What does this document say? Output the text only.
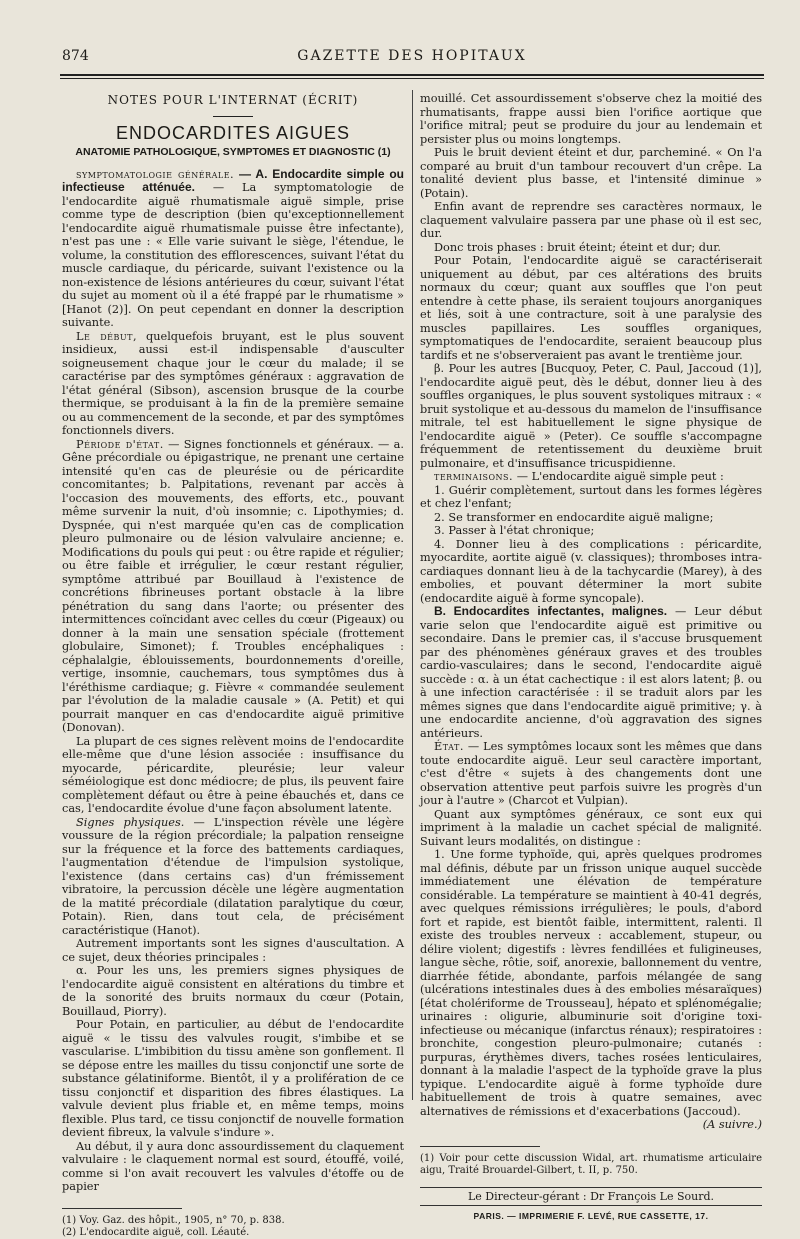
874	GAZETTE DES HOPITAUX
NOTES POUR L'INTERNAT (ÉCRIT)
ENDOCARDITES AIGUES
ANATOMIE PATHOLOGIQUE, SYMPTOMES ET DIAGNOSTIC (1)

symptomatologie générale. — A. Endocardite simple ou infectieuse atténuée. — La symptomatologie de l'endocardite aiguë rhumatismale aiguë simple, prise comme type de description (bien qu'exceptionnellement l'endocardite aiguë rhumatismale puisse être infectante), n'est pas une : « Elle varie suivant le siège, l'étendue, le volume, la constitution des efflorescences, suivant l'état du muscle cardiaque, du péricarde, suivant l'existence ou la non-existence de lésions antérieures du cœur, suivant l'état du sujet au moment où il a été frappé par le rhumatisme » [Hanot (2)]. On peut cependant en donner la description suivante.

Le début, quelquefois bruyant, est le plus souvent insidieux, aussi est-il indispensable d'ausculter soigneusement chaque jour le cœur du malade; il se caractérise par des symptômes généraux : aggravation de l'état général (Sibson), ascension brusque de la courbe thermique, se produisant à la fin de la première semaine ou au commencement de la seconde, et par des symptômes fonctionnels divers.

Période d'état. — Signes fonctionnels et généraux. — a. Gêne précordiale ou épigastrique, ne prenant une certaine intensité qu'en cas de pleurésie ou de péricardite concomitantes; b. Palpitations, revenant par accès à l'occasion des mouvements, des efforts, etc., pouvant même survenir la nuit, d'où insomnie; c. Lipothymies; d. Dyspnée, qui n'est marquée qu'en cas de complication pleuro pulmonaire ou de lésion valvulaire ancienne; e. Modifications du pouls qui peut : ou être rapide et régulier; ou être faible et irrégulier, le cœur restant régulier, symptôme attribué par Bouillaud à l'existence de concrétions fibrineuses portant obstacle à la libre pénétration du sang dans l'aorte; ou présenter des intermittences coïncidant avec celles du cœur (Pigeaux) ou donner à la main une sensation spéciale (frottement globulaire, Simonet); f. Troubles encéphaliques : céphalalgie, éblouissements, bourdonnements d'oreille, vertige, insomnie, cauchemars, tous symptômes dus à l'éréthisme cardiaque; g. Fièvre « commandée seulement par l'évolution de la maladie causale » (A. Petit) et qui pourrait manquer en cas d'endocardite aiguë primitive (Donovan).

La plupart de ces signes relèvent moins de l'endocardite elle-même que d'une lésion associée : insuffisance du myocarde, péricardite, pleurésie; leur valeur séméiologique est donc médiocre; de plus, ils peuvent faire complètement défaut ou être à peine ébauchés et, dans ce cas, l'endocardite évolue d'une façon absolument latente.

Signes physiques. — L'inspection révèle une légère voussure de la région précordiale; la palpation renseigne sur la fréquence et la force des battements cardiaques, l'augmentation d'étendue de l'impulsion systolique, l'existence (dans certains cas) d'un frémissement vibratoire, la percussion décèle une légère augmentation de la matité précordiale (dilatation paralytique du cœur, Potain). Rien, dans tout cela, de précisément caractéristique (Hanot).

Autrement importants sont les signes d'auscultation. A ce sujet, deux théories principales :

α. Pour les uns, les premiers signes physiques de l'endocardite aiguë consistent en altérations du timbre et de la sonorité des bruits normaux du cœur (Potain, Bouillaud, Piorry).

Pour Potain, en particulier, au début de l'endocardite aiguë « le tissu des valvules rougit, s'imbibe et se vascularise. L'imbibition du tissu amène son gonflement. Il se dépose entre les mailles du tissu conjonctif une sorte de substance gélatiniforme. Bientôt, il y a prolifération de ce tissu conjonctif et disparition des fibres élastiques. La valvule devient plus friable et, en même temps, moins flexible. Plus tard, ce tissu conjonctif de nouvelle formation devient fibreux, la valvule s'indure ».

Au début, il y aura donc assourdissement du claquement valvulaire : le claquement normal est sourd, étouffé, voilé, comme si l'on avait recouvert les valvules d'étoffe ou de papier

(1) Voy. Gaz. des hôpit., 1905, n° 70, p. 838.

(2) L'endocardite aiguë, coll. Léauté.

mouillé. Cet assourdissement s'observe chez la moitié des rhumatisants, frappe aussi bien l'orifice aortique que l'orifice mitral; peut se produire du jour au lendemain et persister plus ou moins longtemps.

Puis le bruit devient éteint et dur, parcheminé. « On l'a comparé au bruit d'un tambour recouvert d'un crêpe. La tonalité devient plus basse, et l'intensité diminue » (Potain).

Enfin avant de reprendre ses caractères normaux, le claquement valvulaire passera par une phase où il est sec, dur.

Donc trois phases : bruit éteint; éteint et dur; dur.

Pour Potain, l'endocardite aiguë se caractériserait uniquement au début, par ces altérations des bruits normaux du cœur; quant aux souffles que l'on peut entendre à cette phase, ils seraient toujours anorganiques et liés, soit à une contracture, soit à une paralysie des muscles papillaires. Les souffles organiques, symptomatiques de l'endocardite, seraient beaucoup plus tardifs et ne s'observeraient pas avant le trentième jour.

β. Pour les autres [Bucquoy, Peter, C. Paul, Jaccoud (1)], l'endocardite aiguë peut, dès le début, donner lieu à des souffles organiques, le plus souvent systoliques mitraux : « bruit systolique et au-dessous du mamelon de l'insuffisance mitrale, tel est habituellement le signe physique de l'endocardite aiguë » (Peter). Ce souffle s'accompagne fréquemment de retentissement du deuxième bruit pulmonaire, et d'insuffisance tricuspidienne.

terminaisons. — L'endocardite aiguë simple peut :

1. Guérir complètement, surtout dans les formes légères et chez l'enfant;

2. Se transformer en endocardite aiguë maligne;

3. Passer à l'état chronique;

4. Donner lieu à des complications : péricardite, myocardite, aortite aiguë (v. classiques); thromboses intra-cardiaques donnant lieu à de la tachycardie (Marey), à des embolies, et pouvant déterminer la mort subite (endocardite aiguë à forme syncopale).

B. Endocardites infectantes, malignes. — Leur début varie selon que l'endocardite aiguë est primitive ou secondaire. Dans le premier cas, il s'accuse brusquement par des phénomènes généraux graves et des troubles cardio-vasculaires; dans le second, l'endocardite aiguë succède : α. à un état cachectique : il est alors latent; β. ou à une infection caractérisée : il se traduit alors par les mêmes signes que dans l'endocardite aiguë primitive; γ. à une endocardite ancienne, d'où aggravation des signes antérieurs.

État. — Les symptômes locaux sont les mêmes que dans toute endocardite aiguë. Leur seul caractère important, c'est d'être « sujets à des changements dont une observation attentive peut parfois suivre les progrès d'un jour à l'autre » (Charcot et Vulpian).

Quant aux symptômes généraux, ce sont eux qui impriment à la maladie un cachet spécial de malignité. Suivant leurs modalités, on distingue :

1. Une forme typhoïde, qui, après quelques prodromes mal définis, débute par un frisson unique auquel succède immédiatement une élévation de température considérable. La température se maintient à 40-41 degrés, avec quelques rémissions irrégulières; le pouls, d'abord fort et rapide, est bientôt faible, intermittent, ralenti. Il existe des troubles nerveux : accablement, stupeur, ou délire violent; digestifs : lèvres fendillées et fuligineuses, langue sèche, rôtie, soif, anorexie, ballonnement du ventre, diarrhée fétide, abondante, parfois mélangée de sang (ulcérations intestinales dues à des embolies mésaraïques) [état cholériforme de Trousseau], hépato et splénomégalie; urinaires : oligurie, albuminurie soit d'origine toxi-infectieuse ou mécanique (infarctus rénaux); respiratoires : bronchite, congestion pleuro-pulmonaire; cutanés : purpuras, érythèmes divers, taches rosées lenticulaires, donnant à la maladie l'aspect de la typhoïde grave la plus typique. L'endocardite aiguë à forme typhoïde dure habituellement de trois à quatre semaines, avec alternatives de rémissions et d'exacerbations (Jaccoud).

(A suivre.)

(1) Voir pour cette discussion Widal, art. rhumatisme articulaire aigu, Traité Brouardel-Gilbert, t. II, p. 750.

Le Directeur-gérant : Dr François Le Sourd.
PARIS. — IMPRIMERIE F. LEVÉ, RUE CASSETTE, 17.
